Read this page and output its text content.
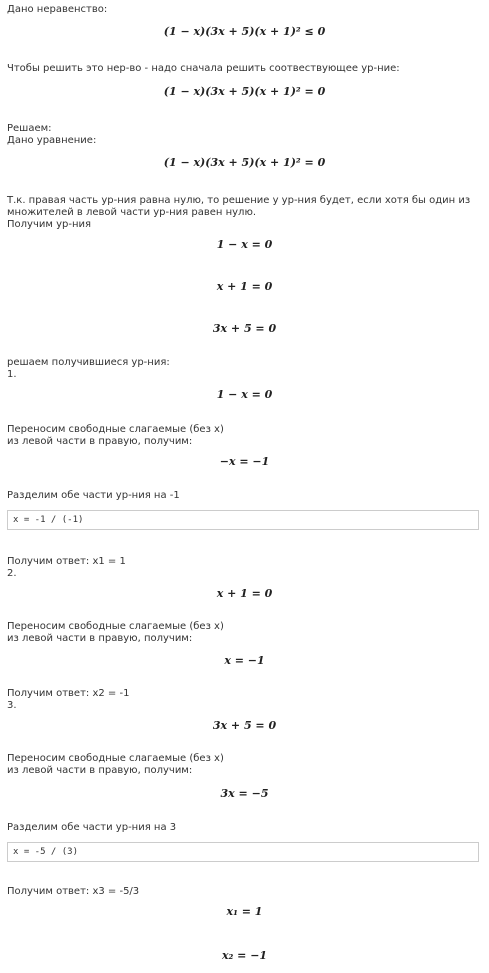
Дано неравенство:
(1 − x)(3x + 5)(x + 1)² ≤ 0
Чтобы решить это нер-во - надо сначала решить соотвествующее ур-ние:
(1 − x)(3x + 5)(x + 1)² = 0
Решаем:
Дано уравнение:
(1 − x)(3x + 5)(x + 1)² = 0
Т.к. правая часть ур-ния равна нулю, то решение у ур-ния будет, если хотя бы один из
множителей в левой части ур-ния равен нулю.
Получим ур-ния
1 − x = 0
x + 1 = 0
3x + 5 = 0
решаем получившиеся ур-ния:
1.
1 − x = 0
Переносим свободные слагаемые (без x)
из левой части в правую, получим:
−x = −1
Разделим обе части ур-ния на -1
x = -1 / (-1)
Получим ответ: x1 = 1
2.
x + 1 = 0
Переносим свободные слагаемые (без x)
из левой части в правую, получим:
x = −1
Получим ответ: x2 = -1
3.
3x + 5 = 0
Переносим свободные слагаемые (без x)
из левой части в правую, получим:
3x = −5
Разделим обе части ур-ния на 3
x = -5 / (3)
Получим ответ: x3 = -5/3
x₁ = 1
x₂ = −1
